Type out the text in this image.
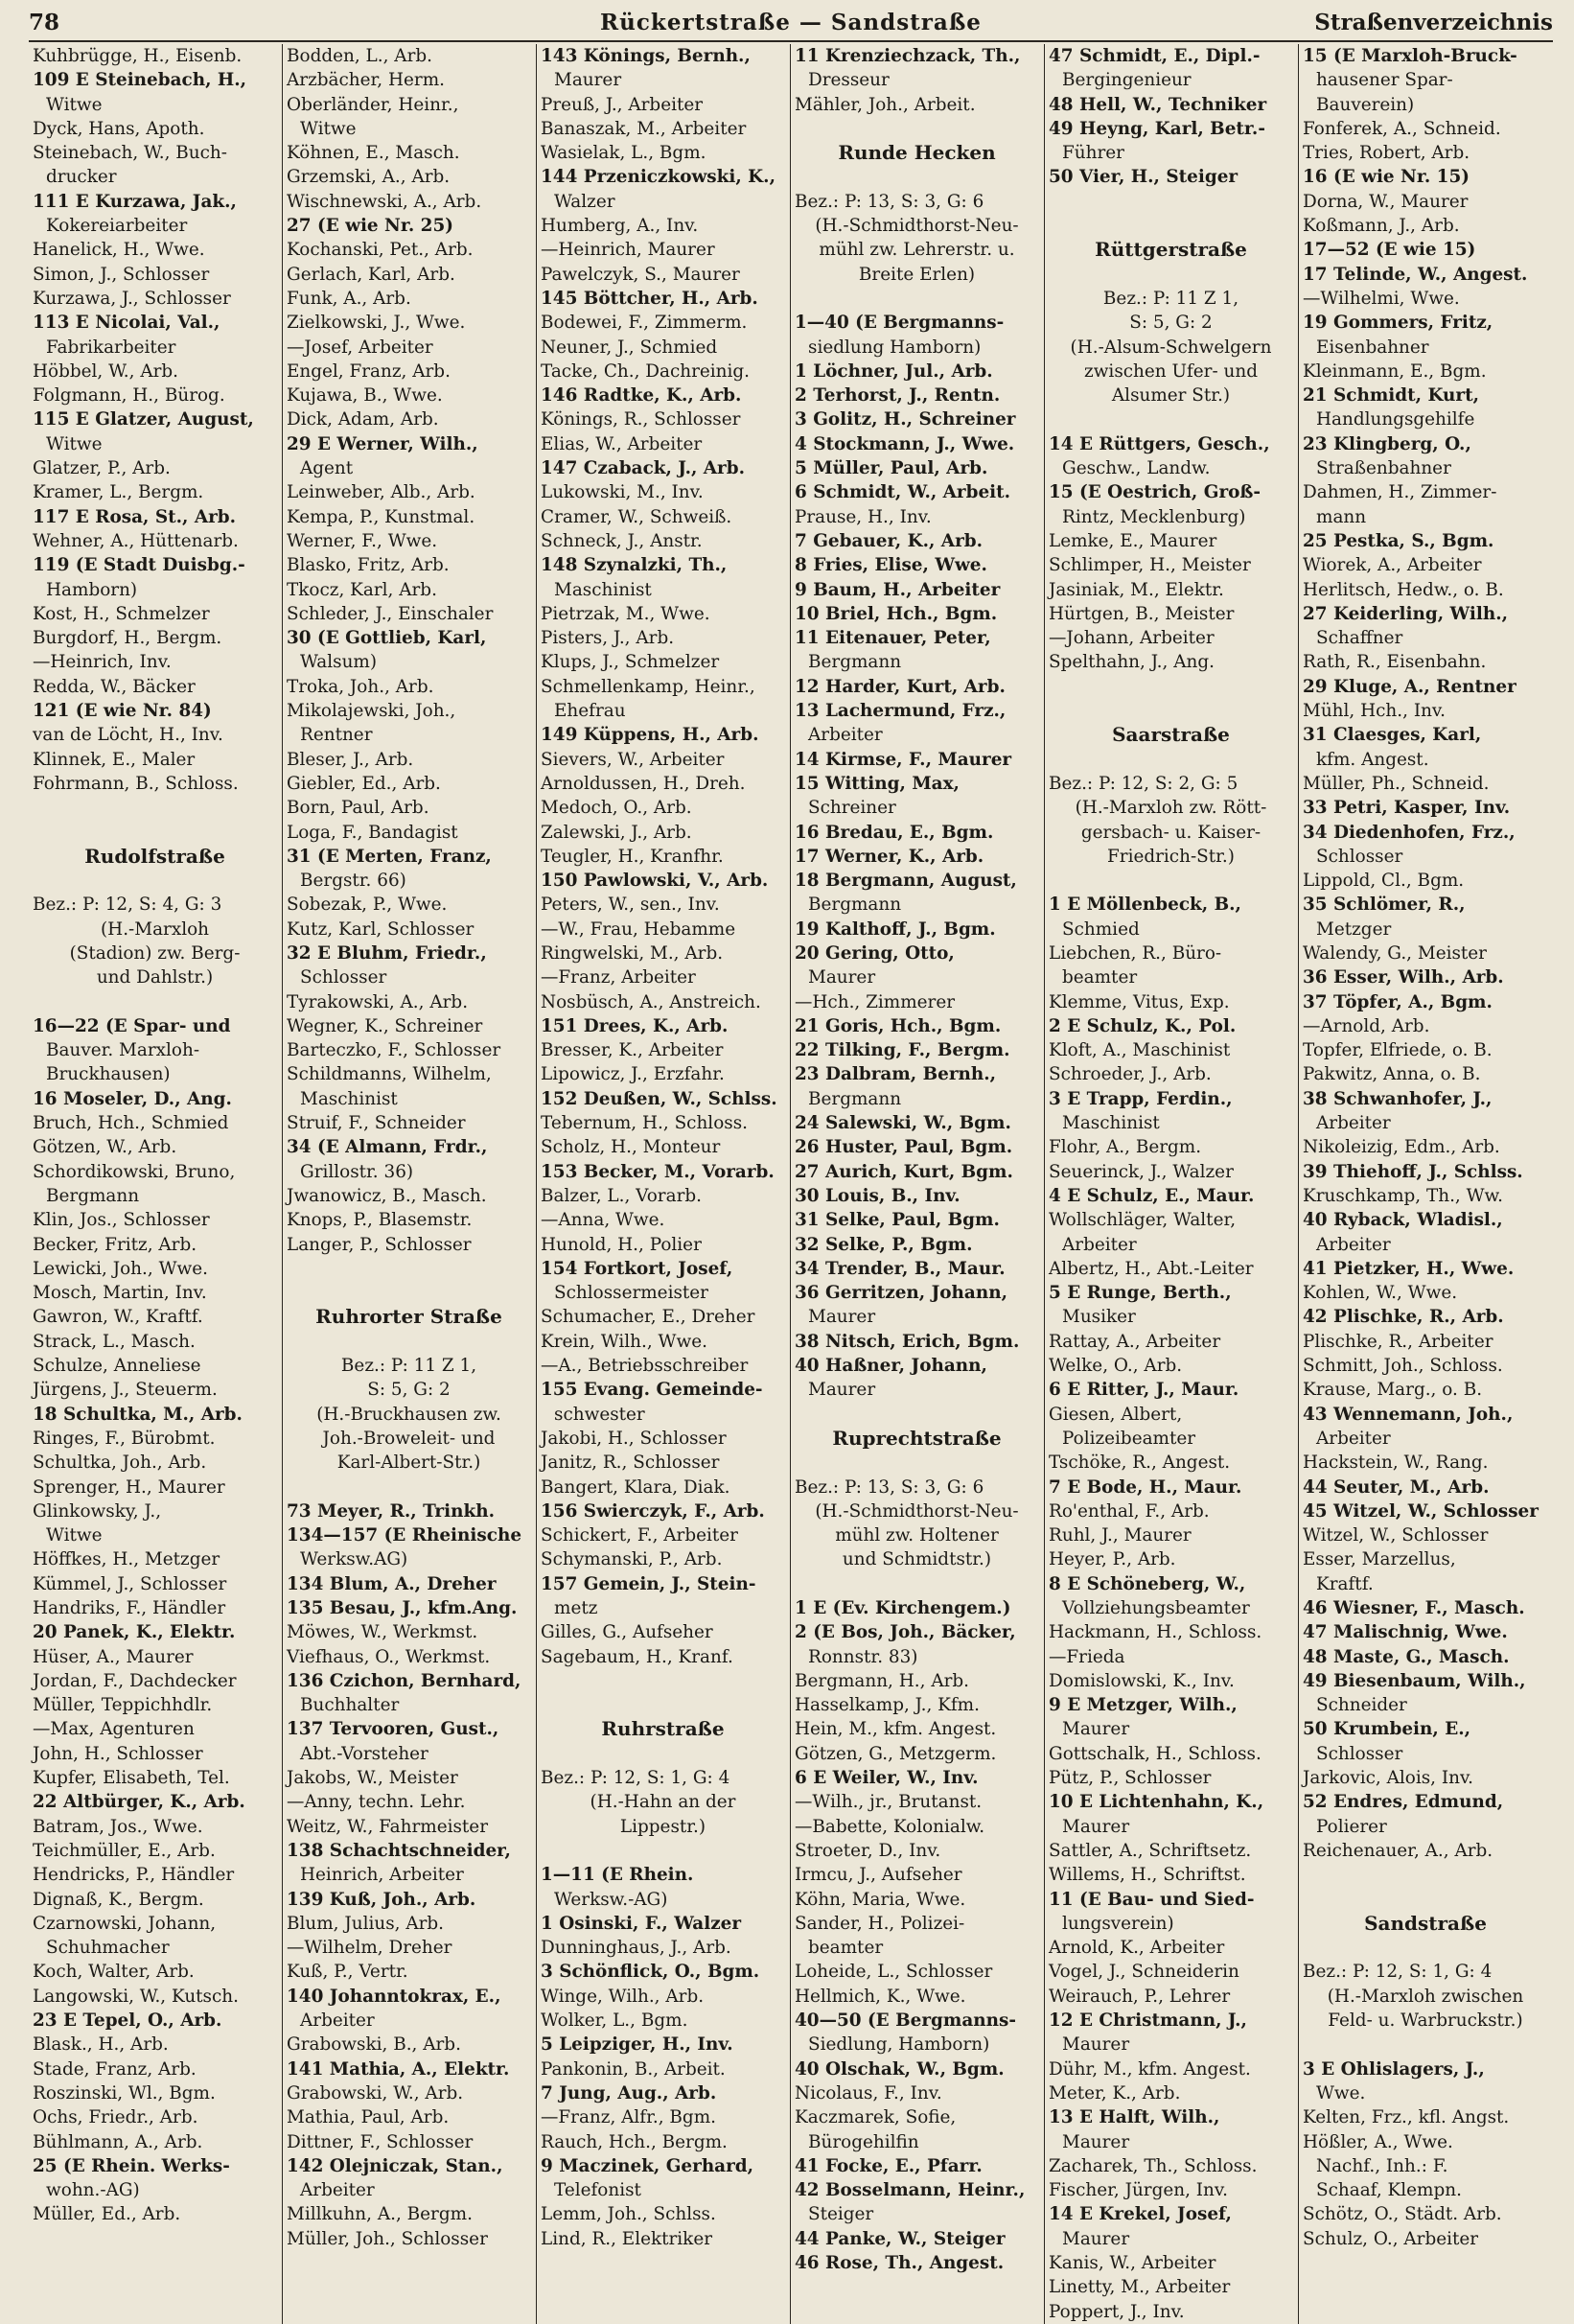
78	Rückertstraße — Sandstraße	Straßenverzeichnis
Kuhbrügge, H., Eisenb.
109 E Steinebach, H.,
Witwe
Dyck, Hans, Apoth.
Steinebach, W., Buch-
drucker
111 E Kurzawa, Jak.,
Kokereiarbeiter
Hanelick, H., Wwe.
Simon, J., Schlosser
Kurzawa, J., Schlosser
113 E Nicolai, Val.,
Fabrikarbeiter
Höbbel, W., Arb.
Folgmann, H., Bürog.
115 E Glatzer, August,
Witwe
Glatzer, P., Arb.
Kramer, L., Bergm.
117 E Rosa, St., Arb.
Wehner, A., Hüttenarb.
119 (E Stadt Duisbg.-
Hamborn)
Kost, H., Schmelzer
Burgdorf, H., Bergm.
—Heinrich, Inv.
Redda, W., Bäcker
121 (E wie Nr. 84)
van de Löcht, H., Inv.
Klinnek, E., Maler
Fohrmann, B., Schloss.
Rudolfstraße
Bez.: P: 12, S: 4, G: 3
(H.-Marxloh
(Stadion) zw. Berg-
und Dahlstr.)
16—22 (E Spar- und
Bauver. Marxloh-
Bruckhausen)
16 Moseler, D., Ang.
Bruch, Hch., Schmied
Götzen, W., Arb.
Schordikowski, Bruno,
Bergmann
Klin, Jos., Schlosser
Becker, Fritz, Arb.
Lewicki, Joh., Wwe.
Mosch, Martin, Inv.
Gawron, W., Kraftf.
Strack, L., Masch.
Schulze, Anneliese
Jürgens, J., Steuerm.
18 Schultka, M., Arb.
Ringes, F., Bürobmt.
Schultka, Joh., Arb.
Sprenger, H., Maurer
Glinkowsky, J.,
Witwe
Höffkes, H., Metzger
Kümmel, J., Schlosser
Handriks, F., Händler
20 Panek, K., Elektr.
Hüser, A., Maurer
Jordan, F., Dachdecker
Müller, Teppichhdlr.
—Max, Agenturen
John, H., Schlosser
Kupfer, Elisabeth, Tel.
22 Altbürger, K., Arb.
Batram, Jos., Wwe.
Teichmüller, E., Arb.
Hendricks, P., Händler
Dignaß, K., Bergm.
Czarnowski, Johann,
Schuhmacher
Koch, Walter, Arb.
Langowski, W., Kutsch.
23 E Tepel, O., Arb.
Blask., H., Arb.
Stade, Franz, Arb.
Roszinski, Wl., Bgm.
Ochs, Friedr., Arb.
Bühlmann, A., Arb.
25 (E Rhein. Werks-
wohn.-AG)
Müller, Ed., Arb.
Bodden, L., Arb.
Arzbächer, Herm.
Oberländer, Heinr.,
Witwe
Köhnen, E., Masch.
Grzemski, A., Arb.
Wischnewski, A., Arb.
27 (E wie Nr. 25)
Kochanski, Pet., Arb.
Gerlach, Karl, Arb.
Funk, A., Arb.
Zielkowski, J., Wwe.
—Josef, Arbeiter
Engel, Franz, Arb.
Kujawa, B., Wwe.
Dick, Adam, Arb.
29 E Werner, Wilh.,
Agent
Leinweber, Alb., Arb.
Kempa, P., Kunstmal.
Werner, F., Wwe.
Blasko, Fritz, Arb.
Tkocz, Karl, Arb.
Schleder, J., Einschaler
30 (E Gottlieb, Karl,
Walsum)
Troka, Joh., Arb.
Mikolajewski, Joh.,
Rentner
Bleser, J., Arb.
Giebler, Ed., Arb.
Born, Paul, Arb.
Loga, F., Bandagist
31 (E Merten, Franz,
Bergstr. 66)
Sobezak, P., Wwe.
Kutz, Karl, Schlosser
32 E Bluhm, Friedr.,
Schlosser
Tyrakowski, A., Arb.
Wegner, K., Schreiner
Barteczko, F., Schlosser
Schildmanns, Wilhelm,
Maschinist
Struif, F., Schneider
34 (E Almann, Frdr.,
Grillostr. 36)
Jwanowicz, B., Masch.
Knops, P., Blasemstr.
Langer, P., Schlosser
Ruhrorter Straße
Bez.: P: 11 Z 1,
S: 5, G: 2
(H.-Bruckhausen zw.
Joh.-Broweleit- und
Karl-Albert-Str.)
73 Meyer, R., Trinkh.
134—157 (E Rheinische
Werksw.AG)
134 Blum, A., Dreher
135 Besau, J., kfm.Ang.
Möwes, W., Werkmst.
Viefhaus, O., Werkmst.
136 Czichon, Bernhard,
Buchhalter
137 Tervooren, Gust.,
Abt.-Vorsteher
Jakobs, W., Meister
—Anny, techn. Lehr.
Weitz, W., Fahrmeister
138 Schachtschneider,
Heinrich, Arbeiter
139 Kuß, Joh., Arb.
Blum, Julius, Arb.
—Wilhelm, Dreher
Kuß, P., Vertr.
140 Johanntokrax, E.,
Arbeiter
Grabowski, B., Arb.
141 Mathia, A., Elektr.
Grabowski, W., Arb.
Mathia, Paul, Arb.
Dittner, F., Schlosser
142 Olejniczak, Stan.,
Arbeiter
Millkuhn, A., Bergm.
Müller, Joh., Schlosser
143 Könings, Bernh.,
Maurer
Preuß, J., Arbeiter
Banaszak, M., Arbeiter
Wasielak, L., Bgm.
144 Przeniczkowski, K.,
Walzer
Humberg, A., Inv.
—Heinrich, Maurer
Pawelczyk, S., Maurer
145 Böttcher, H., Arb.
Bodewei, F., Zimmerm.
Neuner, J., Schmied
Tacke, Ch., Dachreinig.
146 Radtke, K., Arb.
Könings, R., Schlosser
Elias, W., Arbeiter
147 Czaback, J., Arb.
Lukowski, M., Inv.
Cramer, W., Schweiß.
Schneck, J., Anstr.
148 Szynalzki, Th.,
Maschinist
Pietrzak, M., Wwe.
Pisters, J., Arb.
Klups, J., Schmelzer
Schmellenkamp, Heinr.,
Ehefrau
149 Küppens, H., Arb.
Sievers, W., Arbeiter
Arnoldussen, H., Dreh.
Medoch, O., Arb.
Zalewski, J., Arb.
Teugler, H., Kranfhr.
150 Pawlowski, V., Arb.
Peters, W., sen., Inv.
—W., Frau, Hebamme
Ringwelski, M., Arb.
—Franz, Arbeiter
Nosbüsch, A., Anstreich.
151 Drees, K., Arb.
Bresser, K., Arbeiter
Lipowicz, J., Erzfahr.
152 Deußen, W., Schlss.
Tebernum, H., Schloss.
Scholz, H., Monteur
153 Becker, M., Vorarb.
Balzer, L., Vorarb.
—Anna, Wwe.
Hunold, H., Polier
154 Fortkort, Josef,
Schlossermeister
Schumacher, E., Dreher
Krein, Wilh., Wwe.
—A., Betriebsschreiber
155 Evang. Gemeinde-
schwester
Jakobi, H., Schlosser
Janitz, R., Schlosser
Bangert, Klara, Diak.
156 Swierczyk, F., Arb.
Schickert, F., Arbeiter
Schymanski, P., Arb.
157 Gemein, J., Stein-
metz
Gilles, G., Aufseher
Sagebaum, H., Kranf.
Ruhrstraße
Bez.: P: 12, S: 1, G: 4
(H.-Hahn an der
Lippestr.)
1—11 (E Rhein.
Werksw.-AG)
1 Osinski, F., Walzer
Dunninghaus, J., Arb.
3 Schönflick, O., Bgm.
Winge, Wilh., Arb.
Wolker, L., Bgm.
5 Leipziger, H., Inv.
Pankonin, B., Arbeit.
7 Jung, Aug., Arb.
—Franz, Alfr., Bgm.
Rauch, Hch., Bergm.
9 Maczinek, Gerhard,
Telefonist
Lemm, Joh., Schlss.
Lind, R., Elektriker
11 Krenziechzack, Th.,
Dresseur
Mähler, Joh., Arbeit.
Runde Hecken
Bez.: P: 13, S: 3, G: 6
(H.-Schmidthorst-Neu-
mühl zw. Lehrerstr. u.
Breite Erlen)
1—40 (E Bergmanns-
siedlung Hamborn)
1 Löchner, Jul., Arb.
2 Terhorst, J., Rentn.
3 Golitz, H., Schreiner
4 Stockmann, J., Wwe.
5 Müller, Paul, Arb.
6 Schmidt, W., Arbeit.
Prause, H., Inv.
7 Gebauer, K., Arb.
8 Fries, Elise, Wwe.
9 Baum, H., Arbeiter
10 Briel, Hch., Bgm.
11 Eitenauer, Peter,
Bergmann
12 Harder, Kurt, Arb.
13 Lachermund, Frz.,
Arbeiter
14 Kirmse, F., Maurer
15 Witting, Max,
Schreiner
16 Bredau, E., Bgm.
17 Werner, K., Arb.
18 Bergmann, August,
Bergmann
19 Kalthoff, J., Bgm.
20 Gering, Otto,
Maurer
—Hch., Zimmerer
21 Goris, Hch., Bgm.
22 Tilking, F., Bergm.
23 Dalbram, Bernh.,
Bergmann
24 Salewski, W., Bgm.
26 Huster, Paul, Bgm.
27 Aurich, Kurt, Bgm.
30 Louis, B., Inv.
31 Selke, Paul, Bgm.
32 Selke, P., Bgm.
34 Trender, B., Maur.
36 Gerritzen, Johann,
Maurer
38 Nitsch, Erich, Bgm.
40 Haßner, Johann,
Maurer
Ruprechtstraße
Bez.: P: 13, S: 3, G: 6
(H.-Schmidthorst-Neu-
mühl zw. Holtener
und Schmidtstr.)
1 E (Ev. Kirchengem.)
2 (E Bos, Joh., Bäcker,
Ronnstr. 83)
Bergmann, H., Arb.
Hasselkamp, J., Kfm.
Hein, M., kfm. Angest.
Götzen, G., Metzgerm.
6 E Weiler, W., Inv.
—Wilh., jr., Brutanst.
—Babette, Kolonialw.
Stroeter, D., Inv.
Irmcu, J., Aufseher
Köhn, Maria, Wwe.
Sander, H., Polizei-
beamter
Loheide, L., Schlosser
Hellmich, K., Wwe.
40—50 (E Bergmanns-
Siedlung, Hamborn)
40 Olschak, W., Bgm.
Nicolaus, F., Inv.
Kaczmarek, Sofie,
Bürogehilfin
41 Focke, E., Pfarr.
42 Bosselmann, Heinr.,
Steiger
44 Panke, W., Steiger
46 Rose, Th., Angest.
47 Schmidt, E., Dipl.-
Bergingenieur
48 Hell, W., Techniker
49 Heyng, Karl, Betr.-
Führer
50 Vier, H., Steiger
Rüttgerstraße
Bez.: P: 11 Z 1,
S: 5, G: 2
(H.-Alsum-Schwelgern
zwischen Ufer- und
Alsumer Str.)
14 E Rüttgers, Gesch.,
Geschw., Landw.
15 (E Oestrich, Groß-
Rintz, Mecklenburg)
Lemke, E., Maurer
Schlimper, H., Meister
Jasiniak, M., Elektr.
Hürtgen, B., Meister
—Johann, Arbeiter
Spelthahn, J., Ang.
Saarstraße
Bez.: P: 12, S: 2, G: 5
(H.-Marxloh zw. Rött-
gersbach- u. Kaiser-
Friedrich-Str.)
1 E Möllenbeck, B.,
Schmied
Liebchen, R., Büro-
beamter
Klemme, Vitus, Exp.
2 E Schulz, K., Pol.
Kloft, A., Maschinist
Schroeder, J., Arb.
3 E Trapp, Ferdin.,
Maschinist
Flohr, A., Bergm.
Seuerinck, J., Walzer
4 E Schulz, E., Maur.
Wollschläger, Walter,
Arbeiter
Albertz, H., Abt.-Leiter
5 E Runge, Berth.,
Musiker
Rattay, A., Arbeiter
Welke, O., Arb.
6 E Ritter, J., Maur.
Giesen, Albert,
Polizeibeamter
Tschöke, R., Angest.
7 E Bode, H., Maur.
Ro'enthal, F., Arb.
Ruhl, J., Maurer
Heyer, P., Arb.
8 E Schöneberg, W.,
Vollziehungsbeamter
Hackmann, H., Schloss.
—Frieda
Domislowski, K., Inv.
9 E Metzger, Wilh.,
Maurer
Gottschalk, H., Schloss.
Pütz, P., Schlosser
10 E Lichtenhahn, K.,
Maurer
Sattler, A., Schriftsetz.
Willems, H., Schriftst.
11 (E Bau- und Sied-
lungsverein)
Arnold, K., Arbeiter
Vogel, J., Schneiderin
Weirauch, P., Lehrer
12 E Christmann, J.,
Maurer
Dühr, M., kfm. Angest.
Meter, K., Arb.
13 E Halft, Wilh.,
Maurer
Zacharek, Th., Schloss.
Fischer, Jürgen, Inv.
14 E Krekel, Josef,
Maurer
Kanis, W., Arbeiter
Linetty, M., Arbeiter
Poppert, J., Inv.
15 (E Marxloh-Bruck-
hausener Spar-
Bauverein)
Fonferek, A., Schneid.
Tries, Robert, Arb.
16 (E wie Nr. 15)
Dorna, W., Maurer
Koßmann, J., Arb.
17—52 (E wie 15)
17 Telinde, W., Angest.
—Wilhelmi, Wwe.
19 Gommers, Fritz,
Eisenbahner
Kleinmann, E., Bgm.
21 Schmidt, Kurt,
Handlungsgehilfe
23 Klingberg, O.,
Straßenbahner
Dahmen, H., Zimmer-
mann
25 Pestka, S., Bgm.
Wiorek, A., Arbeiter
Herlitsch, Hedw., o. B.
27 Keiderling, Wilh.,
Schaffner
Rath, R., Eisenbahn.
29 Kluge, A., Rentner
Mühl, Hch., Inv.
31 Claesges, Karl,
kfm. Angest.
Müller, Ph., Schneid.
33 Petri, Kasper, Inv.
34 Diedenhofen, Frz.,
Schlosser
Lippold, Cl., Bgm.
35 Schlömer, R.,
Metzger
Walendy, G., Meister
36 Esser, Wilh., Arb.
37 Töpfer, A., Bgm.
—Arnold, Arb.
Topfer, Elfriede, o. B.
Pakwitz, Anna, o. B.
38 Schwanhofer, J.,
Arbeiter
Nikoleizig, Edm., Arb.
39 Thiehoff, J., Schlss.
Kruschkamp, Th., Ww.
40 Ryback, Wladisl.,
Arbeiter
41 Pietzker, H., Wwe.
Kohlen, W., Wwe.
42 Plischke, R., Arb.
Plischke, R., Arbeiter
Schmitt, Joh., Schloss.
Krause, Marg., o. B.
43 Wennemann, Joh.,
Arbeiter
Hackstein, W., Rang.
44 Seuter, M., Arb.
45 Witzel, W., Schlosser
Witzel, W., Schlosser
Esser, Marzellus,
Kraftf.
46 Wiesner, F., Masch.
47 Malischnig, Wwe.
48 Maste, G., Masch.
49 Biesenbaum, Wilh.,
Schneider
50 Krumbein, E.,
Schlosser
Jarkovic, Alois, Inv.
52 Endres, Edmund,
Polierer
Reichenauer, A., Arb.
Sandstraße
Bez.: P: 12, S: 1, G: 4
(H.-Marxloh zwischen
Feld- u. Warbruckstr.)
3 E Ohlislagers, J.,
Wwe.
Kelten, Frz., kfl. Angst.
Hößler, A., Wwe.
Nachf., Inh.: F.
Schaaf, Klempn.
Schötz, O., Städt. Arb.
Schulz, O., Arbeiter
